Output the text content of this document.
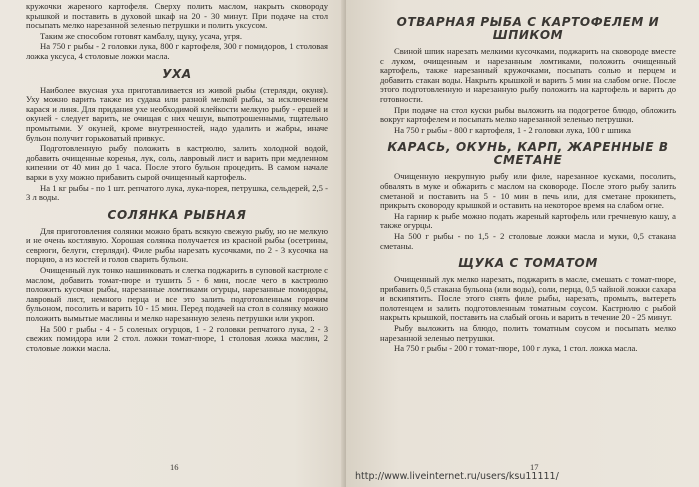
кружочки жареного картофеля. Сверху полить маслом, накрыть сковороду крышкой и поставить в духовой шкаф на 20 - 30 минут. При подаче на стол посыпать мелко нарезанной зеленью петрушки и полить уксусом.

Таким же способом готовят камбалу, щуку, усача, угря.

На 750 г рыбы - 2 головки лука, 800 г картофеля, 300 г помидоров, 1 столовая ложка уксуса, 4 столовые ложки масла.

УХА

Наиболее вкусная уха приготавливается из живой рыбы (стерляди, окуня). Уху можно варить также из судака или разной мелкой рыбы, за исключением карася и линя. Для придания ухе необходимой клейкости мелкую рыбу - ершей и окуней - следует варить, не очищая с них чешуи, выпотрошенными, тщательно промытыми. У окуней, кроме внутренностей, надо удалить и жабры, иначе бульон получит горьковатый привкус.

Подготовленную рыбу положить в кастрюлю, залить холодной водой, добавить очищенные коренья, лук, соль, лавровый лист и варить при медленном кипении от 40 мин до 1 часа. После этого бульон процедить. В самом начале варки в уху можно прибавить сырой очищенный картофель.

На 1 кг рыбы - по 1 шт. репчатого лука, лука-порея, петрушка, сельдерей, 2,5 - 3 л воды.

СОЛЯНКА РЫБНАЯ

Для приготовления солянки можно брать всякую свежую рыбу, но не мелкую и не очень костлявую. Хорошая солянка получается из красной рыбы (осетрины, севрюги, белуги, стерляди). Филе рыбы нарезать кусочками, по 2 - 3 кусочка на порцию, а из костей и голов сварить бульон.

Очищенный лук тонко нашинковать и слегка поджарить в суповой кастрюле с маслом, добавить томат-пюре и тушить 5 - 6 мин, после чего в кастрюлю положить кусочки рыбы, нарезанные ломтиками огурцы, нарезанные помидоры, лавровый лист, немного перца и все это залить подготовленным горячим бульоном, посолить и варить 10 - 15 мин. Перед подачей на стол в солянку можно положить вымытые маслины и мелко нарезанную зелень петрушки или укроп.

На 500 г рыбы - 4 - 5 соленых огурцов, 1 - 2 головки репчатого лука, 2 - 3 свежих помидора или 2 стол. ложки томат-пюре, 1 столовая ложка маслин, 2 столовые ложки масла.

16
ОТВАРНАЯ РЫБА С КАРТОФЕЛЕМ И ШПИКОМ

Свиной шпик нарезать мелкими кусочками, поджарить на сковороде вместе с луком, очищенным и нарезанным ломтиками, положить очищенный картофель, также нарезанный кружочками, посыпать солью и перцем и добавить стакан воды. Накрыть крышкой и варить 5 мин на слабом огне. После этого подготовленную и нарезанную рыбу положить на картофель и варить до готовности.

При подаче на стол куски рыбы выложить на подогретое блюдо, обложить вокруг картофелем и посыпать мелко нарезанной зеленью петрушки.

На 750 г рыбы - 800 г картофеля, 1 - 2 головки лука, 100 г шпика

КАРАСЬ, ОКУНЬ, КАРП, ЖАРЕННЫЕ В СМЕТАНЕ

Очищенную некрупную рыбу или филе, нарезанное кусками, посолить, обвалять в муке и обжарить с маслом на сковороде. После этого рыбу залить сметаной и поставить на 5 - 10 мин в печь или, для сметане прокипеть, прикрыть сковороду крышкой и оставить на некоторое время на слабом огне.

На гарнир к рыбе можно подать жареный картофель или гречневую кашу, а также огурцы.

На 500 г рыбы - по 1,5 - 2 столовые ложки масла и муки, 0,5 стакана сметаны.

ЩУКА С ТОМАТОМ

Очищенный лук мелко нарезать, поджарить в масле, смешать с томат-пюре, прибавить 0,5 стакана бульона (или воды), соли, перца, 0,5 чайной ложки сахара и вскипятить. После этого снять филе рыбы, нарезать, промыть, вытереть полотенцем и залить подготовленным томатным соусом. Кастрюлю с рыбой накрыть крышкой, поставить на слабый огонь и варить в течение 20 - 25 минут.

Рыбу выложить на блюдо, полить томатным соусом и посыпать мелко нарезанной зеленью петрушки.

На 750 г рыбы - 200 г томат-пюре, 100 г лука, 1 стол. ложка масла.

17
http://www.liveinternet.ru/users/ksu11111/
